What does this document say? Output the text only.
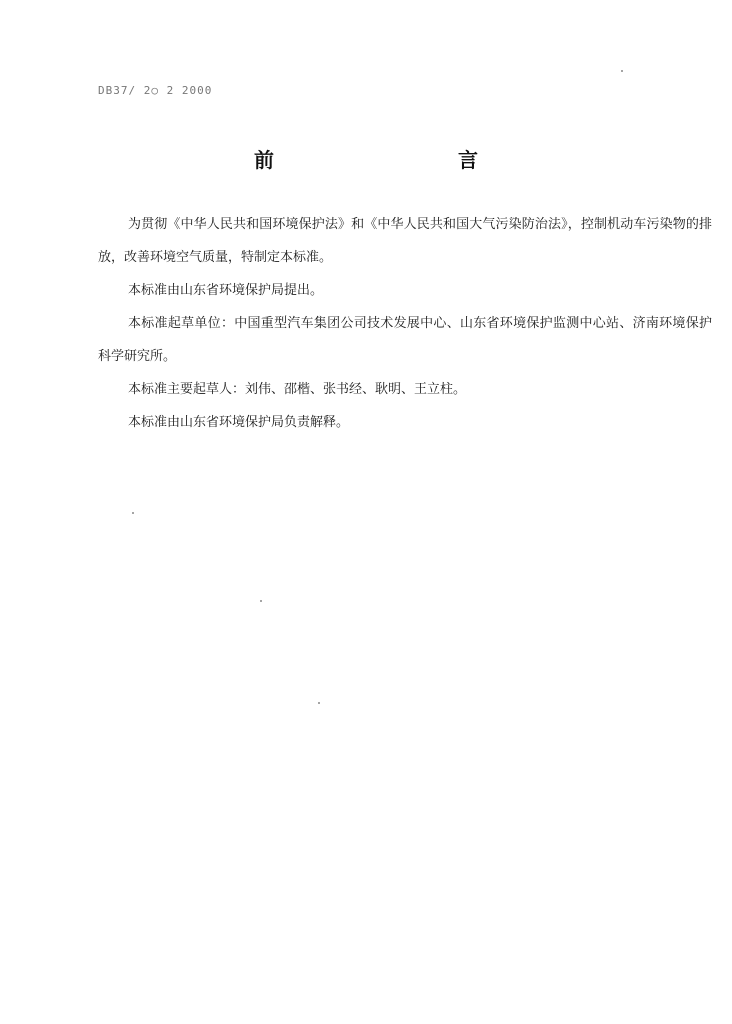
DB37/ 2○ 2 2000
前　　言

为贯彻《中华人民共和国环境保护法》和《中华人民共和国大气污染防治法》，控制机动车污染物的排放，改善环境空气质量，特制定本标准。

本标准由山东省环境保护局提出。

本标准起草单位：中国重型汽车集团公司技术发展中心、山东省环境保护监测中心站、济南环境保护科学研究所。

本标准主要起草人：刘伟、邵楷、张书经、耿明、王立柱。

本标准由山东省环境保护局负责解释。
